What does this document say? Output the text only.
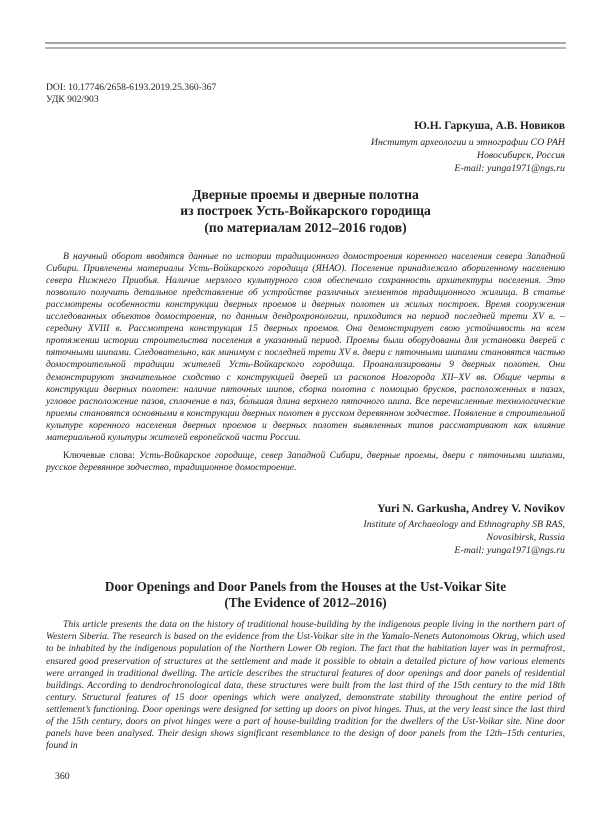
DOI: 10.17746/2658-6193.2019.25.360-367
УДК 902/903
Ю.Н. Гаркуша, А.В. Новиков
Институт археологии и этнографии СО РАН
Новосибирск, Россия
E-mail: yunga1971@ngs.ru
Дверные проемы и дверные полотна
из построек Усть-Войкарского городища
(по материалам 2012–2016 годов)

В научный оборот вводятся данные по истории традиционного домостроения коренного населения севера Западной Сибири. Привлечены материалы Усть-Войкарского городища (ЯНАО). Поселение принадлежало аборигенному населению севера Нижнего Приобья. Наличие мерзлого культурного слоя обеспечило сохранность архитектуры поселения. Это позволило получить детальное представление об устройстве различных элементов традиционного жилища. В статье рассмотрены особенности конструкции дверных проемов и дверных полотен из жилых построек. Время сооружения исследованных объектов домостроения, по данным дендрохронологии, приходится на период последней трети XV в. – середину XVIII в. Рассмотрена конструкция 15 дверных проемов. Она демонстрирует свою устойчивость на всем протяжении истории строительства поселения в указанный период. Проемы были оборудованы для установки дверей с пяточными шипами. Следовательно, как минимум с последней трети XV в. двери с пяточными шипами становятся частью домостроительной традиции жителей Усть-Войкарского городища. Проанализированы 9 дверных полотен. Они демонстрируют значительное сходство с конструкцией дверей из раскопов Новгорода XII–XV вв. Общие черты в конструкции дверных полотен: наличие пяточных шипов, сборка полотна с помощью брусков, расположенных в пазах, угловое расположение пазов, сплочение в паз, бо́льшая длина верхнего пяточного шипа. Все перечисленные технологические приемы становятся основными в конструкции дверных полотен в русском деревянном зодчестве. Появление в строительной культуре коренного населения дверных проемов и дверных полотен выявленных типов рассматривают как влияние материальной культуры жителей европейской части России.

Ключевые слова: Усть-Войкарское городище, север Западной Сибири, дверные проемы, двери с пяточными шипами, русское деревянное зодчество, традиционное домостроение.

Yuri N. Garkusha, Andrey V. Novikov
Institute of Archaeology and Ethnography SB RAS,
Novosibirsk, Russia
E-mail: yunga1971@ngs.ru
Door Openings and Door Panels from the Houses at the Ust-Voikar Site
(The Evidence of 2012–2016)

This article presents the data on the history of traditional house-building by the indigenous people living in the northern part of Western Siberia. The research is based on the evidence from the Ust-Voikar site in the Yamalo-Nenets Autonomous Okrug, which used to be inhabited by the indigenous population of the Northern Lower Ob region. The fact that the habitation layer was in permafrost, ensured good preservation of structures at the settlement and made it possible to obtain a detailed picture of how various elements were arranged in traditional dwelling. The article describes the structural features of door openings and door panels of residential buildings. According to dendrochronological data, these structures were built from the last third of the 15th century to the mid 18th century. Structural features of 15 door openings which were analyzed, demonstrate stability throughout the entire period of settlement’s functioning. Door openings were designed for setting up doors on pivot hinges. Thus, at the very least since the last third of the 15th century, doors on pivot hinges were a part of house-building tradition for the dwellers of the Ust-Voikar site. Nine door panels have been analysed. Their design shows significant resemblance to the design of door panels from the 12th–15th centuries, found in

360
